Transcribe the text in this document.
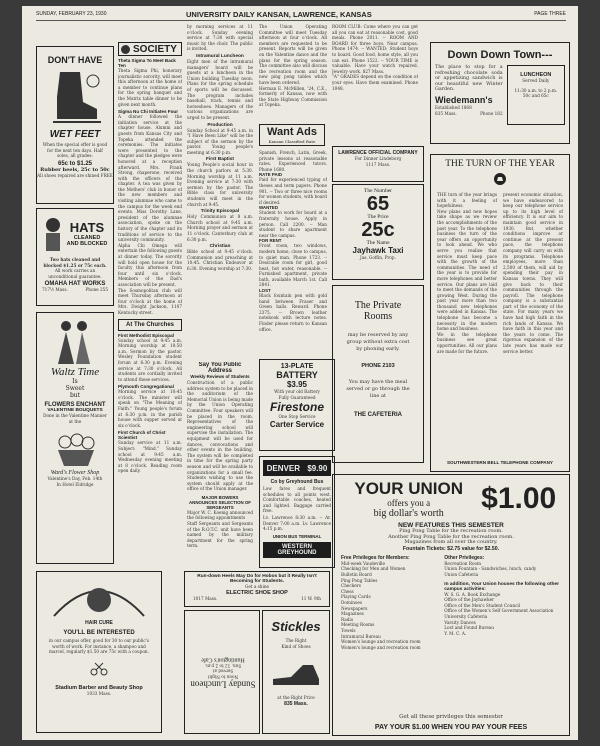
SUNDAY, FEBRUARY 23, 1930	UNIVERSITY DAILY KANSAN, LAWRENCE, KANSAS	PAGE THREE
DON'T HAVE
WET FEET
When the special offer is good for the next ten days. Half soles, all grades:
65c to $1.25
Rubber heels, 25c to 50c
All shoes repaired are shined FREE
HATS
CLEANED
AND BLOCKED
Two hats cleaned and blocked $1.25 or 75c each.
All work carries an unconditional guarantee.
OMAHA HAT WORKS
717½ Mass.	Phone 255
Waltz Time
Is
Sweet
but
FLOWERS ENCHANT
VALENTINE BOUQUETS
Done in the Valentine Manner
at the
Ward's Flower Shop
Valentine's Day, Feb. 14th
In Hotel Eldridge
HAIR CURE
YOU'LL BE INTERESTED
in our campus offer, good for 30 to our public's worth of work. For instance, a shampoo and marcel, regularly $1.50 are 75c with a coupon.
Stadium Barber and Beauty Shop
1033 Mass.
SOCIETY
Theta Sigma To Meet Back Ten
Theta Sigma Phi, honorary journalistic sorority, will meet this afternoon at the home of a member to continue plans for the spring banquet and the Matrix table dinner to be given next month.
Sigma Nu Chi Initiates Four
A dinner followed the initiation service at the chapter house. Alumni and guests from Kansas City and Topeka attended the ceremonies. The initiates were presented to the chapter and the pledges were honored at a reception afterward. Mrs. Frank Strong, chaperone, received with the officers of the chapter. A tea was given by the Mothers' club in honor of the new members and visiting alumnae who came to the campus for the week end events. Miss Dorothy Lane, president of the alumnae association, spoke on the history of the chapter and its traditions of service to the university community.
Alpha Chi Omega will entertain the following guests at dinner today. The sorority will hold open house for the faculty this afternoon from four until six o'clock. Members of the Dad's association will be present.
The Sosmopolitan club will meet Thursday afternoon at four o'clock at the home of Mrs. Dwight Jackson, 1107 Kentucky street.
At The Churches
First Methodist Episcopal
Sunday school at 9:45 a.m. Morning worship at 10:50 a.m. Sermon by the pastor. Wesley Foundation student forum at 6:30 p.m. Evening service at 7:30 o'clock. All students are cordially invited to attend these services.
Plymouth Congregational
Morning service at 10:45 o'clock. The minister will speak on "The Meaning of Faith." Young people's forum at 6:30 p.m. in the parish house with supper served at six o'clock.
First Church of Christ Scientist
Sunday service at 11 a.m. Subject: "Mind." Sunday school at 9:45 a.m. Wednesday evening meeting at 8 o'clock. Reading room open daily.
by morning services at 11 o'clock. Sunday evening service at 7:30 with special music by the choir. The public is invited.
Intramural Luncheon
Eight men of the intramural managers' board will be guests at a luncheon in the Union building Tuesday noon. Plans for the spring schedule of sports will be discussed. The program includes baseball, track, tennis and horseshoes. Managers of the various organizations are urged to be present.
Production
Sunday School at 9:45 a.m. in "I Have Been Like" will be the subject of the sermon by the pastor. Young people's meeting at 6:30 p.m.
First Baptist
Young People's social hour in the church parlors at 5:30. Morning worship at 11 a.m. Evening service at 7:30 with sermon by the pastor. The Bible class for university students will meet in the church at 9:45.
Trinity Episcopal
Holy Communion at 8 a.m. Church school at 9:45 a.m. Morning prayer and sermon at 11 o'clock. Canterbury club at 6:30 p.m.
Christian
Bible school at 9:45 o'clock. Communion and preaching at 10:45. Christian Endeavor at 6:30. Evening worship at 7:30.
Say You Public Address
Weekly Reviews of Students
Construction of a public address system to be placed in the auditorium of the Memorial Union is being made by the Union Operating Committee. Four speakers will be placed in the room. Representatives of the engineering school will supervise the installation. The equipment will be used for dances, convocations and other events in the building. The system will be completed in time for the spring party season and will be available to organizations for a small fee. Students wishing to use the system should apply at the office of the Union manager.
MAJOR BOWERS ANNOUNCES SELECTION OF SERGEANTS
Major W. C. Koenig announced the following appointments
Staff Sergeants and Sergeants of the R.O.T.C. unit have been named by the military department for the spring term.
The Union Operating Committee will meet Tuesday afternoon at four o'clock. All members are requested to be present. Reports will be given on the Valentine dance and the plans for the spring season. The committee also will discuss the recreation room and the new ping pong tables which have been ordered.
Herman E. McMillen, '24, C.E., formerly of Kansas, now with the State Highway Commission at Topeka.
Want Ads
Kansan Classified Rate
Spanish, French, Latin, Greek, private lessons at reasonable rates. Experienced tutors. Phone 1680.
RATE PAID
Paid for experienced typing of theses and term papers. Phone 901. -- Two or three nice rooms for women students, with board if desired.
WANTED
Student to work for board at a fraternity house. Apply in person. Call 2200. -- Man student to share apartment near the campus.
FOR RENT
Front room, two windows, modern home, close to campus, to quiet man. Phone 1723. -- Desirable room for girl, good heat, hot water, reasonable. -- Furnished apartment, private bath, available March 1st. Call 2841.
LOST
Black fountain pen with gold band between Fraser and Green halls. Reward. Phone 2375. -- Brown leather notebook with lecture notes. Finder please return to Kansan office.
13-PLATE
BATTERY
$3.95
With your old Battery
Fully Guaranteed
Firestone
One Stop Service
Carter Service
DENVER $9.90
Co by Greyhound Bus
Low fares and frequent schedules to all points west. Comfortable coaches, heated and lighted. Baggage carried free.
Lv. Lawrence 8:30 a.m. -- Ar. Denver 7:00 a.m. Lv. Lawrence 4:15 p.m.
UNION BUS TERMINAL
WESTERN GREYHOUND
ROOM CLUB: Come where you can get all you can eat at reasonable cost, good meals. Phone 2011. -- ROOM AND BOARD for three boys. Near campus. Phone 1474. -- WANTED: Student boys to board. Good food, home style, all you can eat. Phone 1522. -- YOUR TIME is valuable. Have your watch repaired. Jewelry work. 827 Mass.
"A" GRADES depend on the condition of your eyes. Have them examined. Phone 1048.
LAWRENCE OFFICIAL COMPANY
For Dinner Lindeborg
1117 Mass.
The Number
65
The Price
25c
The Name
Jayhawk Taxi
Jas. Goffin, Prop.
The Private Rooms
may be reserved by any group without extra cost by phoning early.
PHONE 2103
You may have the meal served or go through the line at
THE CAFETERIA
Down Down Town---
The place to stop for a refreshing chocolate soda or appetizing sandwich is our beautiful new Winter Garden.
Wiedemann's
Established 1868
835 Mass.	Phone 182
LUNCHEON
Served Daily
11:30 a.m. to 2 p.m.
50c and 65c
THE TURN OF THE YEAR
THE turn of the year brings with it a feeling of hopefulness.
New plans and new hopes take shape as we review the accomplishments of the past year. To the telephone business the turn of the year offers an opportunity to look ahead. We who serve you realize that service must keep pace with the growth of the communities. The need of the year is to provide for more telephones and better service. Our plans are laid to meet the demands of the growing West. During the past year more than two thousand new telephones were added in Kansas. The telephone has become a necessity in the modern home and business.
We in the telephone business see great opportunities. All our plans are made for the future.
present economic situation, we have endeavored to keep our telephone service up to its high level of efficiency. It is our aim to maintain good service in 1930. But, whether conditions improve or continue at the present pace, the telephone company will carry on with its programs. Telephone employees, more than 2,500 of them, will aid by spending their pay in Kansas towns. They will give back to their communities through the payroll. The telephone company is a substantial part of the economy of the state. For many years we have had high faith in the rich lands of Kansas. We have faith in this year and the years to come. The rigorous expansion of the late years has made our service better.
SOUTHWESTERN BELL TELEPHONE COMPANY
YOUR UNION
offers you a
big dollar's worth	$1.00
NEW FEATURES THIS SEMESTER
Ping Pong Table for the recreation room.
Another Ping Pong Table for the recreation room.
Magazines from all over the country.
Fountain Tickets: $2.75 value for $2.50.
Free Privileges for Members:
Mid-week Vaudeville
Checking for Men and Women
Bulletin Board
Ping Pong Tables
Checkers
Chess
Playing Cards
Dominoes
Newspapers
Magazines
Radio
Meeting Rooms
Towels
Intramural Bureau
Women's lounge and recreation room
Women's lounge and recreation room
Other Privileges:
Recreation Room
Union Fountain - Sandwiches, lunch, candy
Union Cafeteria
In addition, Your Union houses the following other campus activities:
W. S. G. A. Book Exchange
Office of the Jayhawker
Office of the Men's Student Council
Office of the Women's Self Government Association
University Cafeteria
Varsity Dances
Lost and Found Bureau
Y. M. C. A.
Get all these privileges this semester
PAY YOUR $1.00 WHEN YOU PAY YOUR FEES
Run-down Heels May Do for Hobos but it Really Isn't Becoming for Students.
Get a shine
ELECTRIC SHOE SHOP
1017 Mass.	11 W. 9th
Sunday Luncheon
Noon to Night
Served at
Sun. 12 to 2 p.m.
Huntington's Cafe
Stickles
The Right
Kind of Shoes
at the Right Price
835 Mass.
